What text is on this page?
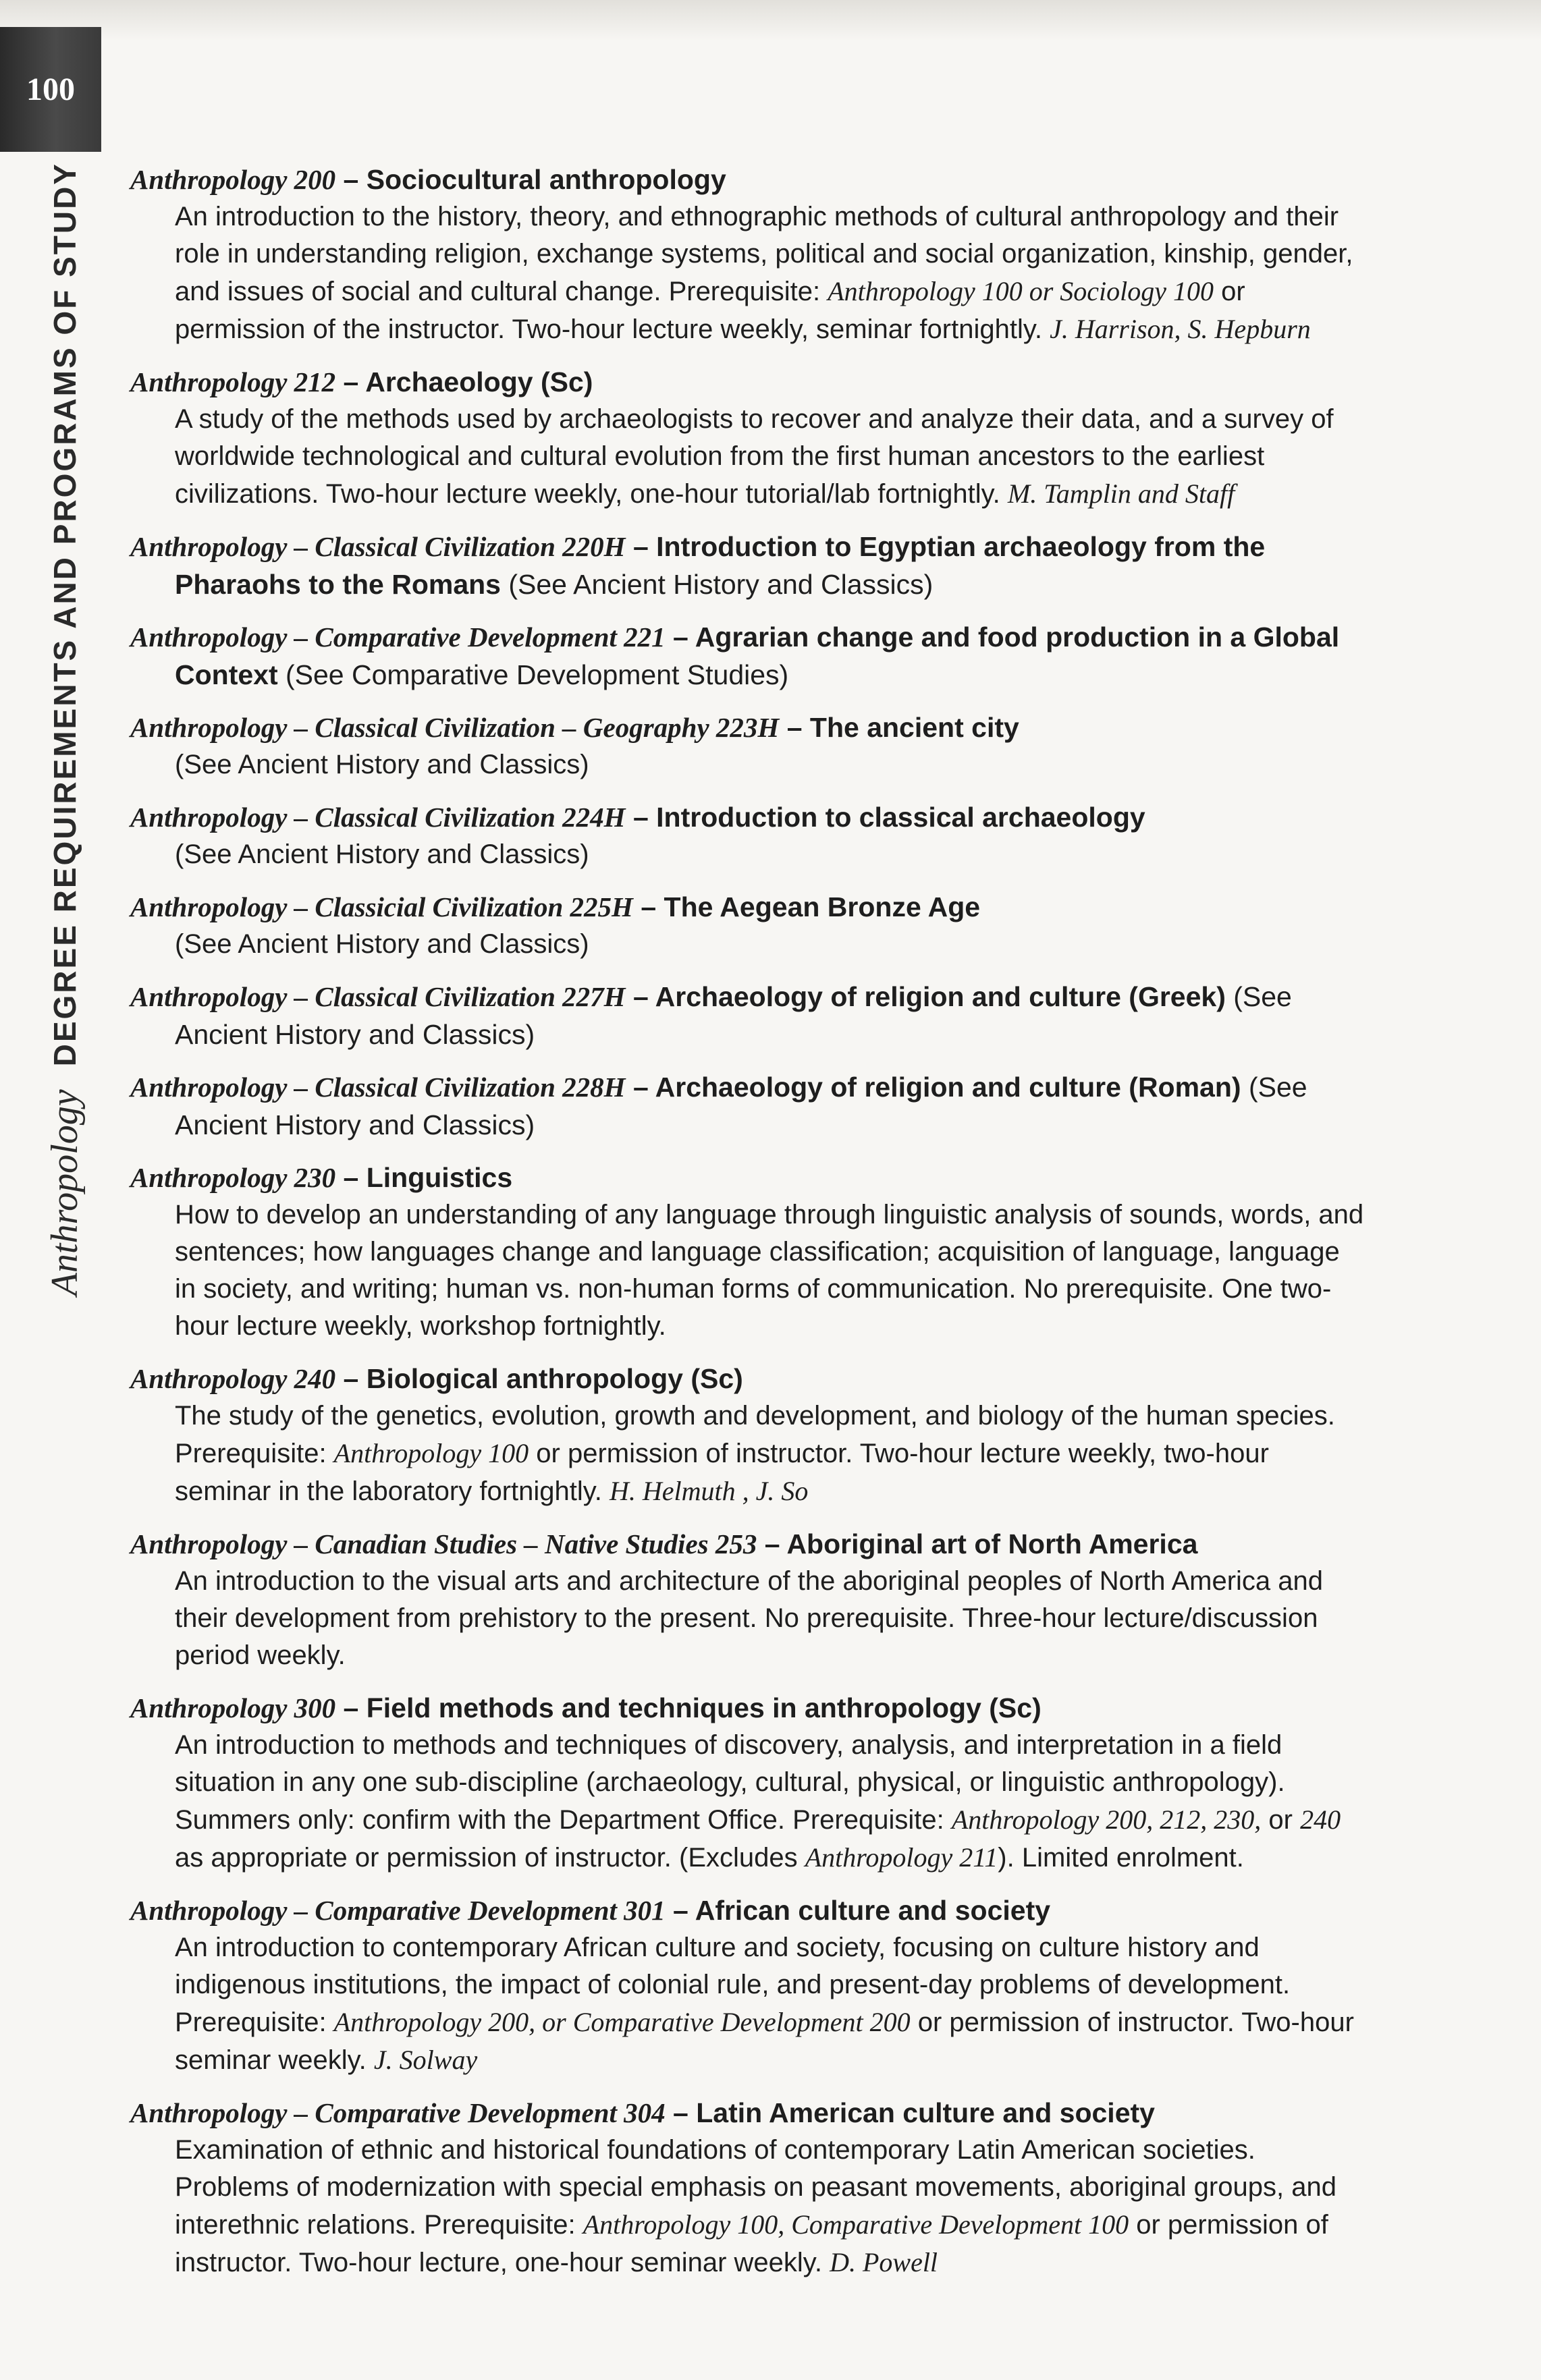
100
Anthropology
DEGREE REQUIREMENTS AND PROGRAMS OF STUDY Anthropology 200 – Sociocultural anthropology
An introduction to the history, theory, and ethnographic methods of cultural anthropology and their role in understanding religion, exchange systems, political and social organization, kinship, gender, and issues of social and cultural change. Prerequisite: Anthropology 100 or Sociology 100 or permission of the instructor. Two-hour lecture weekly, seminar fortnightly. J. Harrison, S. Hepburn
Anthropology 212 – Archaeology (Sc)
A study of the methods used by archaeologists to recover and analyze their data, and a survey of worldwide technological and cultural evolution from the first human ancestors to the earliest civilizations. Two-hour lecture weekly, one-hour tutorial/lab fortnightly. M. Tamplin and Staff
Anthropology – Classical Civilization 220H – Introduction to Egyptian archaeology from the Pharaohs to the Romans (See Ancient History and Classics)
Anthropology – Comparative Development 221 – Agrarian change and food production in a Global Context (See Comparative Development Studies)
Anthropology – Classical Civilization – Geography 223H – The ancient city
(See Ancient History and Classics)
Anthropology – Classical Civilization 224H – Introduction to classical archaeology
(See Ancient History and Classics)
Anthropology – Classicial Civilization 225H – The Aegean Bronze Age
(See Ancient History and Classics)
Anthropology – Classical Civilization 227H – Archaeology of religion and culture (Greek) (See Ancient History and Classics)
Anthropology – Classical Civilization 228H – Archaeology of religion and culture (Roman) (See Ancient History and Classics)
Anthropology 230 – Linguistics
How to develop an understanding of any language through linguistic analysis of sounds, words, and sentences; how languages change and language classification; acquisition of language, language in society, and writing; human vs. non-human forms of communication. No prerequisite. One two-hour lecture weekly, workshop fortnightly.
Anthropology 240 – Biological anthropology (Sc)
The study of the genetics, evolution, growth and development, and biology of the human species. Prerequisite: Anthropology 100 or permission of instructor. Two-hour lecture weekly, two-hour seminar in the laboratory fortnightly. H. Helmuth , J. So
Anthropology – Canadian Studies – Native Studies 253 – Aboriginal art of North America
An introduction to the visual arts and architecture of the aboriginal peoples of North America and their development from prehistory to the present. No prerequisite. Three-hour lecture/discussion period weekly.
Anthropology 300 – Field methods and techniques in anthropology (Sc)
An introduction to methods and techniques of discovery, analysis, and interpretation in a field situation in any one sub-discipline (archaeology, cultural, physical, or linguistic anthropology). Summers only: confirm with the Department Office. Prerequisite: Anthropology 200, 212, 230, or 240 as appropriate or permission of instructor. (Excludes Anthropology 211). Limited enrolment.
Anthropology – Comparative Development 301 – African culture and society
An introduction to contemporary African culture and society, focusing on culture history and indigenous institutions, the impact of colonial rule, and present-day problems of development. Prerequisite: Anthropology 200, or Comparative Development 200 or permission of instructor. Two-hour seminar weekly. J. Solway
Anthropology – Comparative Development 304 – Latin American culture and society
Examination of ethnic and historical foundations of contemporary Latin American societies. Problems of modernization with special emphasis on peasant movements, aboriginal groups, and interethnic relations. Prerequisite: Anthropology 100, Comparative Development 100 or permission of instructor. Two-hour lecture, one-hour seminar weekly. D. Powell
